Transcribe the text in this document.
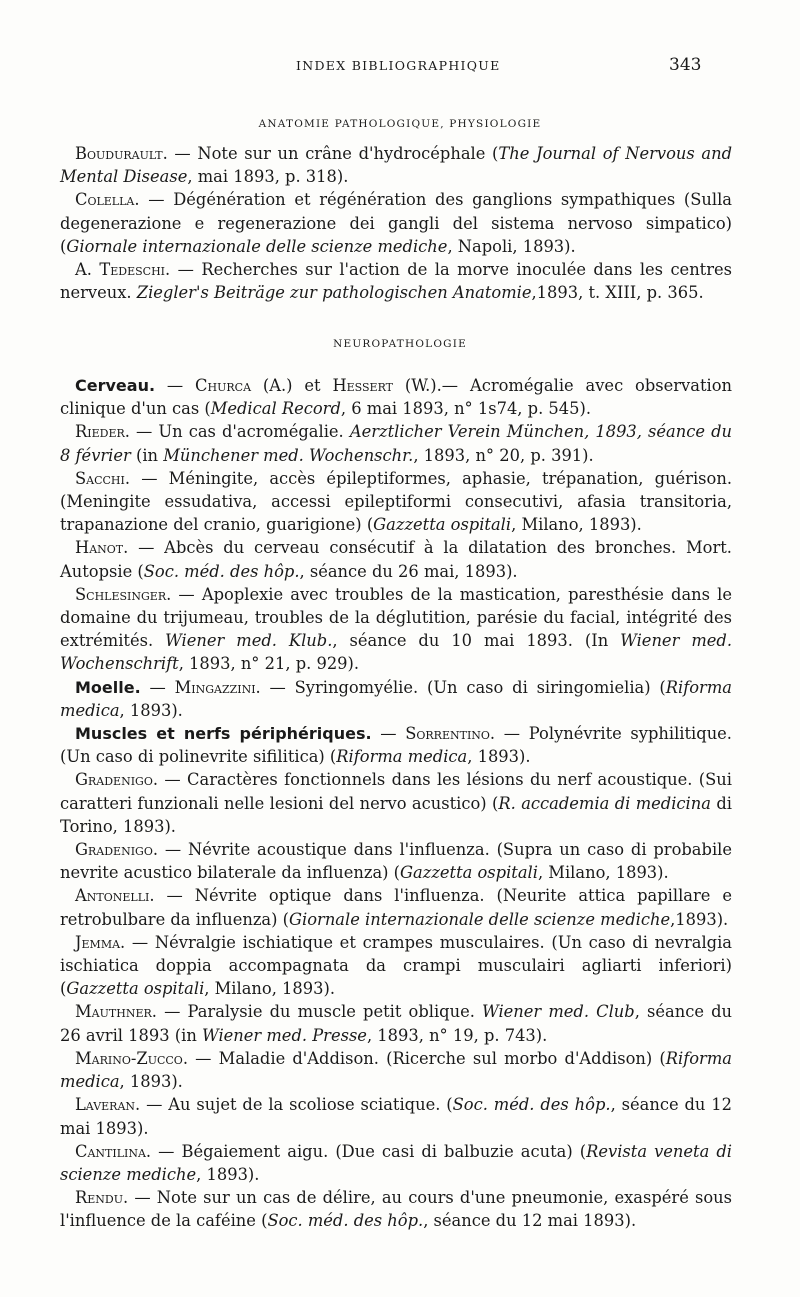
INDEX BIBLIOGRAPHIQUE	343
ANATOMIE PATHOLOGIQUE, PHYSIOLOGIE

Boudurault. — Note sur un crâne d'hydrocéphale (The Journal of Nervous and Mental Disease, mai 1893, p. 318).

Colella. — Dégénération et régénération des ganglions sympathiques (Sulla degenerazione e regenerazione dei gangli del sistema nervoso simpatico) (Giornale internazionale delle scienze mediche, Napoli, 1893).

A. Tedeschi. — Recherches sur l'action de la morve inoculée dans les centres nerveux. Ziegler's Beiträge zur pathologischen Anatomie,1893, t. XIII, p. 365.

NEUROPATHOLOGIE

Cerveau. — Churca (A.) et Hessert (W.).— Acromégalie avec observation clinique d'un cas (Medical Record, 6 mai 1893, n° 1s74, p. 545).

Rieder. — Un cas d'acromégalie. Aerztlicher Verein München, 1893, séance du 8 février (in Münchener med. Wochenschr., 1893, n° 20, p. 391).

Sacchi. — Méningite, accès épileptiformes, aphasie, trépanation, guérison. (Meningite essudativa, accessi epileptiformi consecutivi, afasia transitoria, trapanazione del cranio, guarigione) (Gazzetta ospitali, Milano, 1893).

Hanot. — Abcès du cerveau consécutif à la dilatation des bronches. Mort. Autopsie (Soc. méd. des hôp., séance du 26 mai, 1893).

Schlesinger. — Apoplexie avec troubles de la mastication, paresthésie dans le domaine du trijumeau, troubles de la déglutition, parésie du facial, intégrité des extrémités. Wiener med. Klub., séance du 10 mai 1893. (In Wiener med. Wochenschrift, 1893, n° 21, p. 929).

Moelle. — Mingazzini. — Syringomyélie. (Un caso di siringomielia) (Riforma medica, 1893).

Muscles et nerfs périphériques. — Sorrentino. — Polynévrite syphilitique. (Un caso di polinevrite sifilitica) (Riforma medica, 1893).

Gradenigo. — Caractères fonctionnels dans les lésions du nerf acoustique. (Sui caratteri funzionali nelle lesioni del nervo acustico) (R. accademia di medicina di Torino, 1893).

Gradenigo. — Névrite acoustique dans l'influenza. (Supra un caso di probabile nevrite acustico bilaterale da influenza) (Gazzetta ospitali, Milano, 1893).

Antonelli. — Névrite optique dans l'influenza. (Neurite attica papillare e retrobulbare da influenza) (Giornale internazionale delle scienze mediche,1893).

Jemma. — Névralgie ischiatique et crampes musculaires. (Un caso di nevralgia ischiatica doppia accompagnata da crampi musculairi agliarti inferiori) (Gazzetta ospitali, Milano, 1893).

Mauthner. — Paralysie du muscle petit oblique. Wiener med. Club, séance du 26 avril 1893 (in Wiener med. Presse, 1893, n° 19, p. 743).

Marino-Zucco. — Maladie d'Addison. (Ricerche sul morbo d'Addison) (Riforma medica, 1893).

Laveran. — Au sujet de la scoliose sciatique. (Soc. méd. des hôp., séance du 12 mai 1893).

Cantilina. — Bégaiement aigu. (Due casi di balbuzie acuta) (Revista veneta di scienze mediche, 1893).

Rendu. — Note sur un cas de délire, au cours d'une pneumonie, exaspéré sous l'influence de la caféine (Soc. méd. des hôp., séance du 12 mai 1893).
